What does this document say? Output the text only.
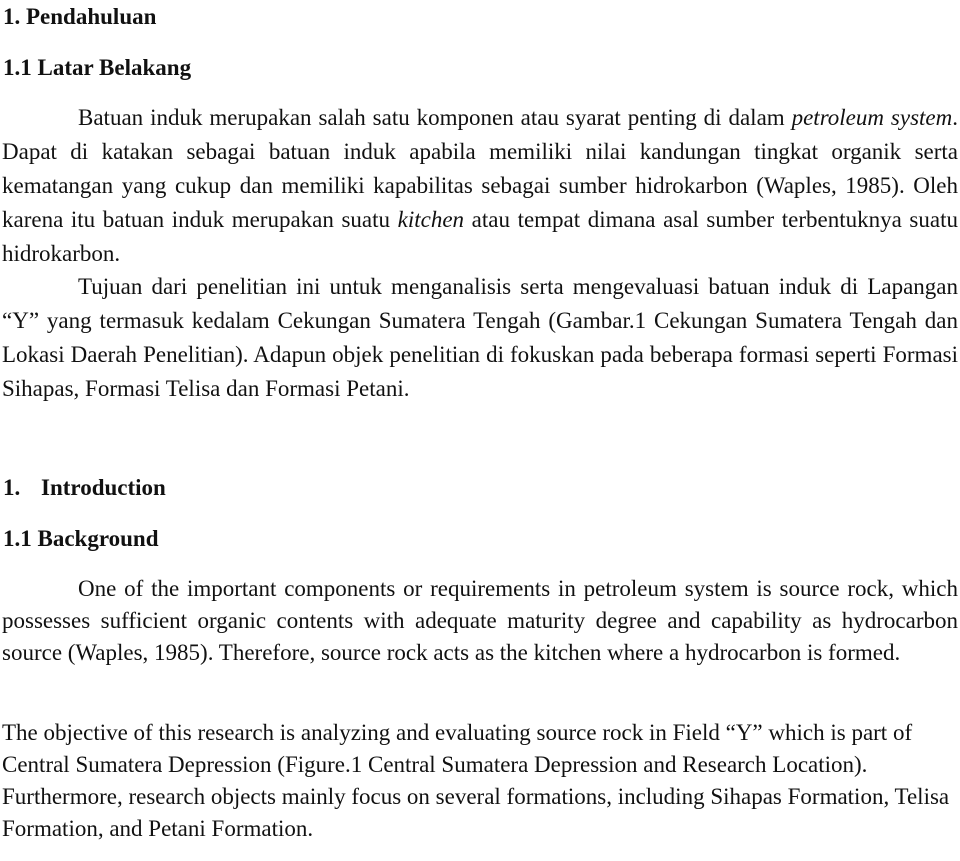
1. Pendahuluan
1.1 Latar Belakang

Batuan induk merupakan salah satu komponen atau syarat penting di dalam petroleum system. Dapat di katakan sebagai batuan induk apabila memiliki nilai kandungan tingkat organik serta kematangan yang cukup dan memiliki kapabilitas sebagai sumber hidrokarbon (Waples, 1985). Oleh karena itu batuan induk merupakan suatu kitchen atau tempat dimana asal sumber terbentuknya suatu hidrokarbon.

Tujuan dari penelitian ini untuk menganalisis serta mengevaluasi batuan induk di Lapangan “Y” yang termasuk kedalam Cekungan Sumatera Tengah (Gambar.1 Cekungan Sumatera Tengah dan Lokasi Daerah Penelitian). Adapun objek penelitian di fokuskan pada beberapa formasi seperti Formasi Sihapas, Formasi Telisa dan Formasi Petani.

1. Introduction
1.1 Background

One of the important components or requirements in petroleum system is source rock, which possesses sufficient organic contents with adequate maturity degree and capability as hydrocarbon source (Waples, 1985). Therefore, source rock acts as the kitchen where a hydrocarbon is formed.

The objective of this research is analyzing and evaluating source rock in Field “Y” which is part of Central Sumatera Depression (Figure.1 Central Sumatera Depression and Research Location). Furthermore, research objects mainly focus on several formations, including Sihapas Formation, Telisa Formation, and Petani Formation.
